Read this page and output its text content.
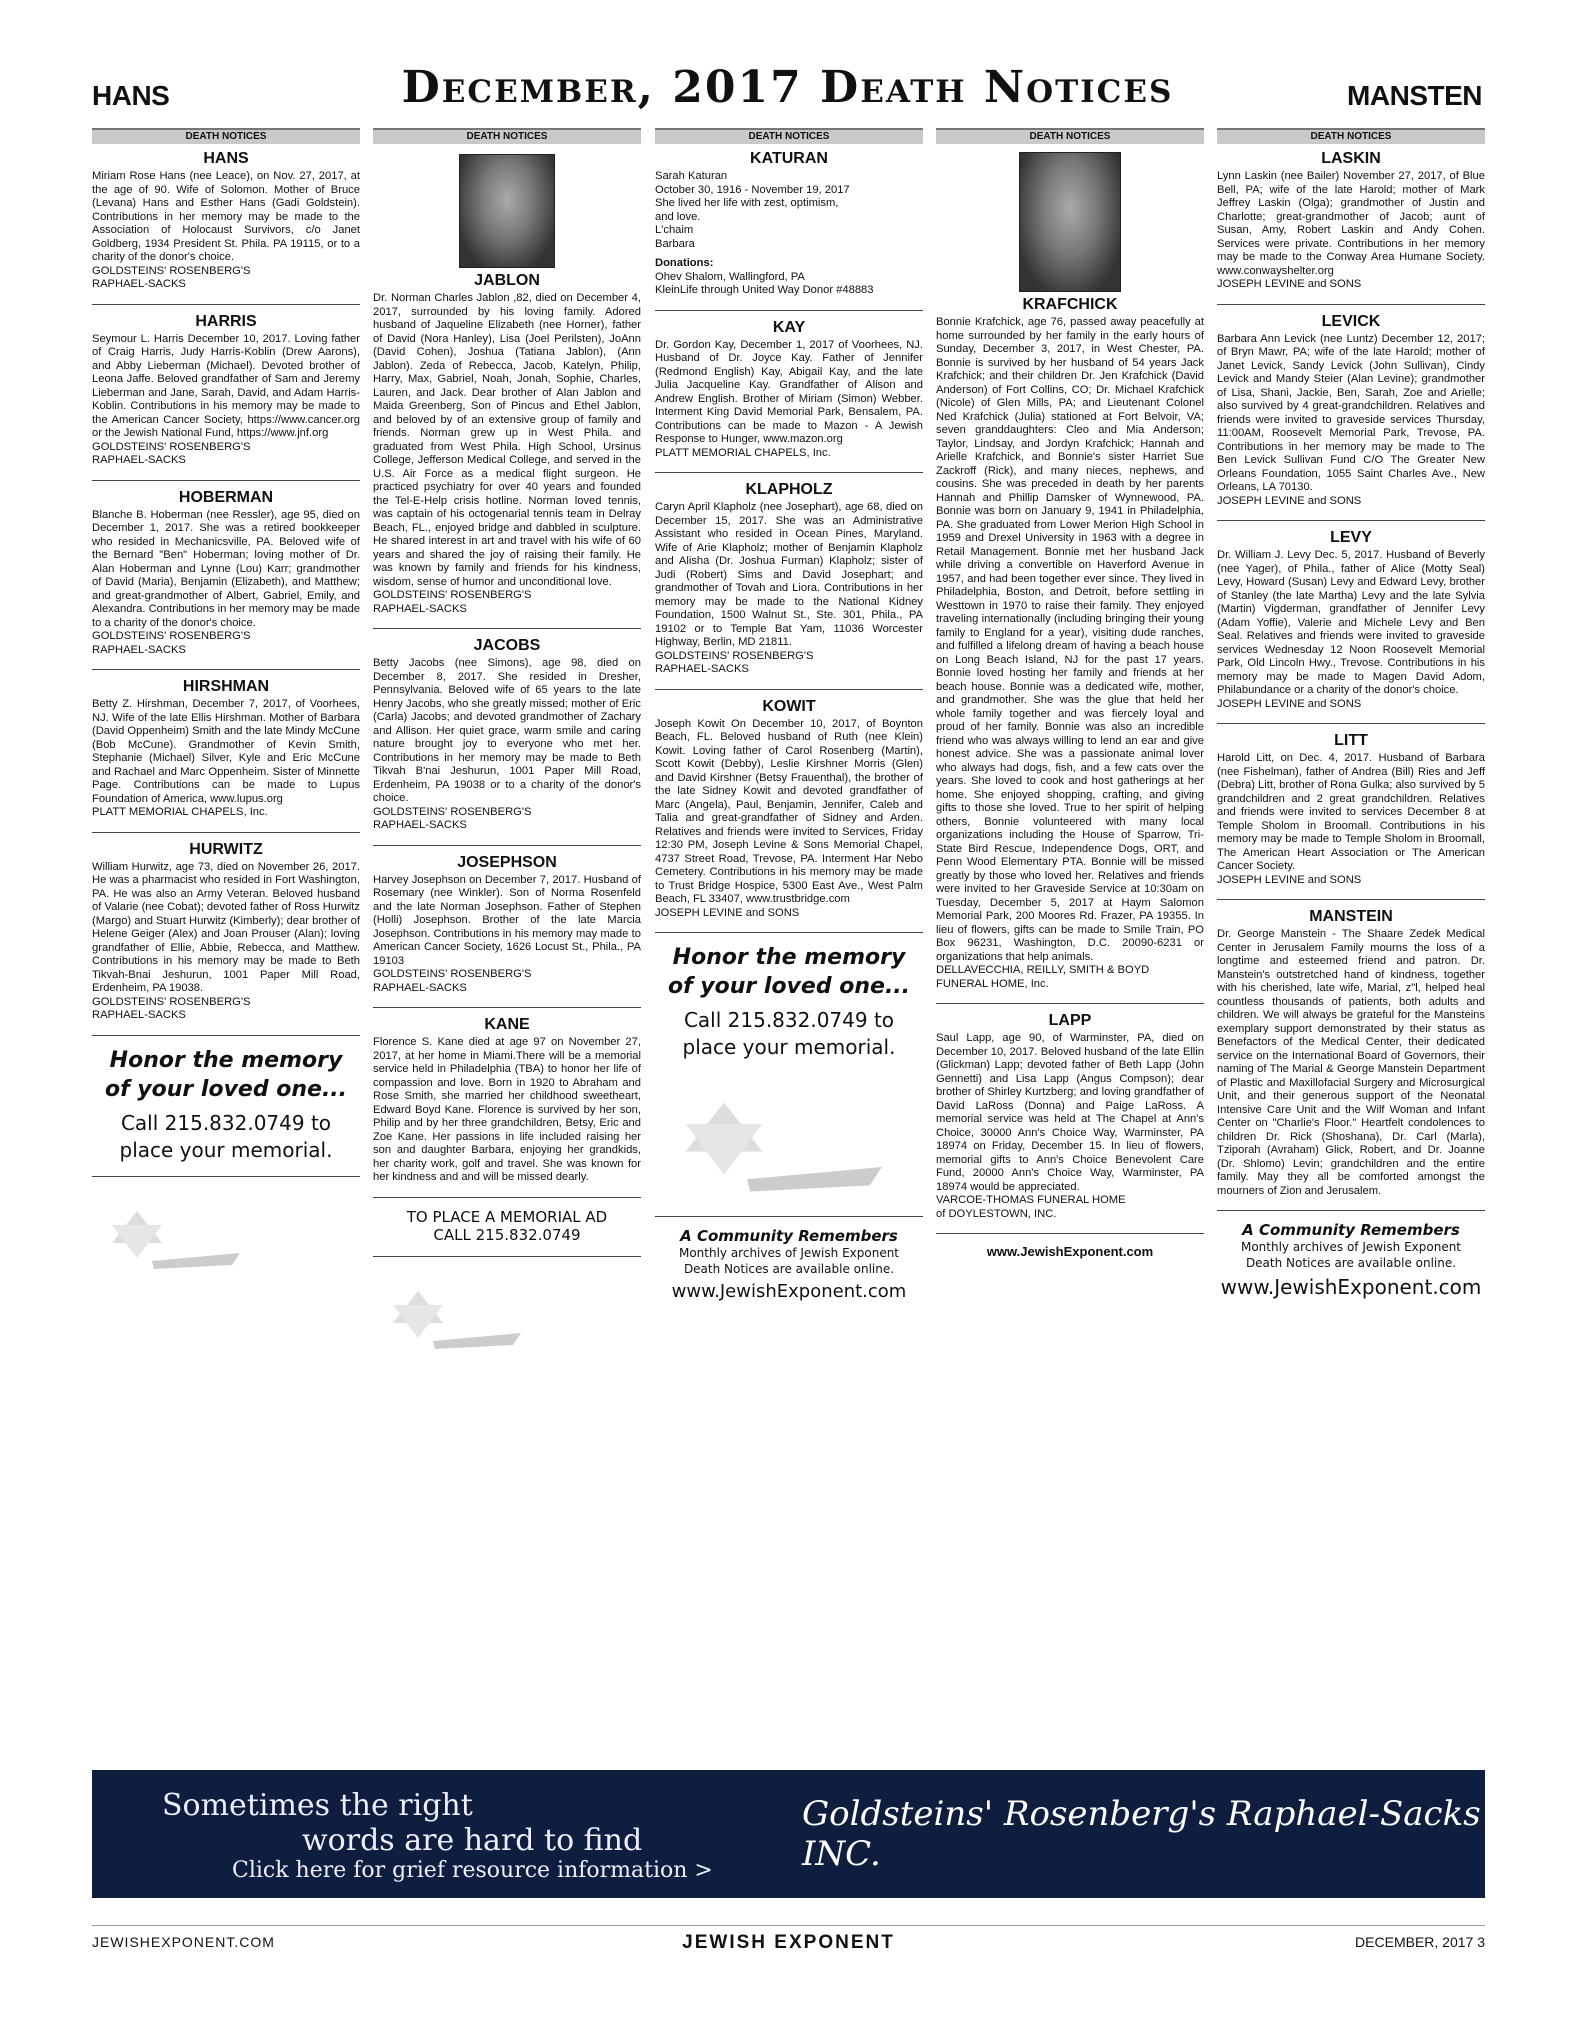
HANS	December, 2017 Death Notices	MANSTEN
DEATH NOTICES
HANS

Miriam Rose Hans (nee Leace), on Nov. 27, 2017, at the age of 90. Wife of Solomon. Mother of Bruce (Levana) Hans and Esther Hans (Gadi Goldstein). Contributions in her memory may be made to the Association of Holocaust Survivors, c/o Janet Goldberg, 1934 President St. Phila. PA 19115, or to a charity of the donor's choice.

GOLDSTEINS' ROSENBERG'S

RAPHAEL-SACKS

HARRIS

Seymour L. Harris December 10, 2017. Loving father of Craig Harris, Judy Harris-Koblin (Drew Aarons), and Abby Lieberman (Michael). Devoted brother of Leona Jaffe. Beloved grandfather of Sam and Jeremy Lieberman and Jane, Sarah, David, and Adam Harris-Koblin. Contributions in his memory may be made to the American Cancer Society, https://www.cancer.org or the Jewish National Fund, https://www.jnf.org

GOLDSTEINS' ROSENBERG'S

RAPHAEL-SACKS

HOBERMAN

Blanche B. Hoberman (nee Ressler), age 95, died on December 1, 2017. She was a retired bookkeeper who resided in Mechanicsville, PA. Beloved wife of the Bernard "Ben" Hoberman; loving mother of Dr. Alan Hoberman and Lynne (Lou) Karr; grandmother of David (Maria), Benjamin (Elizabeth), and Matthew; and great-grandmother of Albert, Gabriel, Emily, and Alexandra. Contributions in her memory may be made to a charity of the donor's choice.

GOLDSTEINS' ROSENBERG'S

RAPHAEL-SACKS

HIRSHMAN

Betty Z. Hirshman, December 7, 2017, of Voorhees, NJ. Wife of the late Ellis Hirshman. Mother of Barbara (David Oppenheim) Smith and the late Mindy McCune (Bob McCune). Grandmother of Kevin Smith, Stephanie (Michael) Silver, Kyle and Eric McCune and Rachael and Marc Oppenheim. Sister of Minnette Page. Contributions can be made to Lupus Foundation of America, www.lupus.org

PLATT MEMORIAL CHAPELS, Inc.

HURWITZ

William Hurwitz, age 73, died on November 26, 2017. He was a pharmacist who resided in Fort Washington, PA. He was also an Army Veteran. Beloved husband of Valarie (nee Cobat); devoted father of Ross Hurwitz (Margo) and Stuart Hurwitz (Kimberly); dear brother of Helene Geiger (Alex) and Joan Prouser (Alan); loving grandfather of Ellie, Abbie, Rebecca, and Matthew. Contributions in his memory may be made to Beth Tikvah-Bnai Jeshurun, 1001 Paper Mill Road, Erdenheim, PA 19038.

GOLDSTEINS' ROSENBERG'S

RAPHAEL-SACKS

Honor the memory
of your loved one...
Call 215.832.0749 to
place your memorial.
DEATH NOTICES
JABLON

Dr. Norman Charles Jablon ,82, died on December 4, 2017, surrounded by his loving family. Adored husband of Jaqueline Elizabeth (nee Horner), father of David (Nora Hanley), Lisa (Joel Perilsten), JoAnn (David Cohen), Joshua (Tatiana Jablon), (Ann Jablon). Zeda of Rebecca, Jacob, Katelyn, Philip, Harry, Max, Gabriel, Noah, Jonah, Sophie, Charles, Lauren, and Jack. Dear brother of Alan Jablon and Maida Greenberg, Son of Pincus and Ethel Jablon, and beloved by of an extensive group of family and friends. Norman grew up in West Phila. and graduated from West Phila. High School, Ursinus College, Jefferson Medical College, and served in the U.S. Air Force as a medical flight surgeon. He practiced psychiatry for over 40 years and founded the Tel-E-Help crisis hotline. Norman loved tennis, was captain of his octogenarial tennis team in Delray Beach, FL., enjoyed bridge and dabbled in sculpture. He shared interest in art and travel with his wife of 60 years and shared the joy of raising their family. He was known by family and friends for his kindness, wisdom, sense of humor and unconditional love.

GOLDSTEINS' ROSENBERG'S

RAPHAEL-SACKS

JACOBS

Betty Jacobs (nee Simons), age 98, died on December 8, 2017. She resided in Dresher, Pennsylvania. Beloved wife of 65 years to the late Henry Jacobs, who she greatly missed; mother of Eric (Carla) Jacobs; and devoted grandmother of Zachary and Allison. Her quiet grace, warm smile and caring nature brought joy to everyone who met her. Contributions in her memory may be made to Beth Tikvah B'nai Jeshurun, 1001 Paper Mill Road, Erdenheim, PA 19038 or to a charity of the donor's choice.

GOLDSTEINS' ROSENBERG'S

RAPHAEL-SACKS

JOSEPHSON

Harvey Josephson on December 7, 2017. Husband of Rosemary (nee Winkler). Son of Norma Rosenfeld and the late Norman Josephson. Father of Stephen (Holli) Josephson. Brother of the late Marcia Josephson. Contributions in his memory may made to American Cancer Society, 1626 Locust St., Phila., PA 19103

GOLDSTEINS' ROSENBERG'S

RAPHAEL-SACKS

KANE

Florence S. Kane died at age 97 on November 27, 2017, at her home in Miami.There will be a memorial service held in Philadelphia (TBA) to honor her life of compassion and love. Born in 1920 to Abraham and Rose Smith, she married her childhood sweetheart, Edward Boyd Kane. Florence is survived by her son, Philip and by her three grandchildren, Betsy, Eric and Zoe Kane. Her passions in life included raising her son and daughter Barbara, enjoying her grandkids, her charity work, golf and travel. She was known for her kindness and and will be missed dearly.

TO PLACE A MEMORIAL AD
CALL 215.832.0749
DEATH NOTICES
KATURAN

Sarah Katuran

October 30, 1916 - November 19, 2017

She lived her life with zest, optimism,

and love.

L'chaim

Barbara

Donations:

Ohev Shalom, Wallingford, PA

KleinLife through United Way Donor #48883

KAY

Dr. Gordon Kay, December 1, 2017 of Voorhees, NJ. Husband of Dr. Joyce Kay. Father of Jennifer (Redmond English) Kay, Abigail Kay, and the late Julia Jacqueline Kay. Grandfather of Alison and Andrew English. Brother of Miriam (Simon) Webber. Interment King David Memorial Park, Bensalem, PA. Contributions can be made to Mazon - A Jewish Response to Hunger, www.mazon.org

PLATT MEMORIAL CHAPELS, Inc.

KLAPHOLZ

Caryn April Klapholz (nee Josephart), age 68, died on December 15, 2017. She was an Administrative Assistant who resided in Ocean Pines, Maryland. Wife of Arie Klapholz; mother of Benjamin Klapholz and Alisha (Dr. Joshua Furman) Klapholz; sister of Judi (Robert) Sims and David Josephart; and grandmother of Tovah and Liora. Contributions in her memory may be made to the National Kidney Foundation, 1500 Walnut St., Ste. 301, Phila., PA 19102 or to Temple Bat Yam, 11036 Worcester Highway, Berlin, MD 21811.

GOLDSTEINS' ROSENBERG'S

RAPHAEL-SACKS

KOWIT

Joseph Kowit On December 10, 2017, of Boynton Beach, FL. Beloved husband of Ruth (nee Klein) Kowit. Loving father of Carol Rosenberg (Martin), Scott Kowit (Debby), Leslie Kirshner Morris (Glen) and David Kirshner (Betsy Frauenthal), the brother of the late Sidney Kowit and devoted grandfather of Marc (Angela), Paul, Benjamin, Jennifer, Caleb and Talia and great-grandfather of Sidney and Arden. Relatives and friends were invited to Services, Friday 12:30 PM, Joseph Levine & Sons Memorial Chapel, 4737 Street Road, Trevose, PA. Interment Har Nebo Cemetery. Contributions in his memory may be made to Trust Bridge Hospice, 5300 East Ave., West Palm Beach, FL 33407, www.trustbridge.com

JOSEPH LEVINE and SONS

Honor the memory
of your loved one...
Call 215.832.0749 to
place your memorial.
A Community Remembers
Monthly archives of Jewish Exponent
Death Notices are available online.
www.JewishExponent.com
DEATH NOTICES
KRAFCHICK

Bonnie Krafchick, age 76, passed away peacefully at home surrounded by her family in the early hours of Sunday, December 3, 2017, in West Chester, PA. Bonnie is survived by her husband of 54 years Jack Krafchick; and their children Dr. Jen Krafchick (David Anderson) of Fort Collins, CO; Dr. Michael Krafchick (Nicole) of Glen Mills, PA; and Lieutenant Colonel Ned Krafchick (Julia) stationed at Fort Belvoir, VA; seven granddaughters: Cleo and Mia Anderson; Taylor, Lindsay, and Jordyn Krafchick; Hannah and Arielle Krafchick, and Bonnie's sister Harriet Sue Zackroff (Rick), and many nieces, nephews, and cousins. She was preceded in death by her parents Hannah and Phillip Damsker of Wynnewood, PA. Bonnie was born on January 9, 1941 in Philadelphia, PA. She graduated from Lower Merion High School in 1959 and Drexel University in 1963 with a degree in Retail Management. Bonnie met her husband Jack while driving a convertible on Haverford Avenue in 1957, and had been together ever since. They lived in Philadelphia, Boston, and Detroit, before settling in Westtown in 1970 to raise their family. They enjoyed traveling internationally (including bringing their young family to England for a year), visiting dude ranches, and fulfilled a lifelong dream of having a beach house on Long Beach Island, NJ for the past 17 years. Bonnie loved hosting her family and friends at her beach house. Bonnie was a dedicated wife, mother, and grandmother. She was the glue that held her whole family together and was fiercely loyal and proud of her family. Bonnie was also an incredible friend who was always willing to lend an ear and give honest advice. She was a passionate animal lover who always had dogs, fish, and a few cats over the years. She loved to cook and host gatherings at her home. She enjoyed shopping, crafting, and giving gifts to those she loved. True to her spirit of helping others, Bonnie volunteered with many local organizations including the House of Sparrow, Tri-State Bird Rescue, Independence Dogs, ORT, and Penn Wood Elementary PTA. Bonnie will be missed greatly by those who loved her. Relatives and friends were invited to her Graveside Service at 10:30am on Tuesday, December 5, 2017 at Haym Salomon Memorial Park, 200 Moores Rd. Frazer, PA 19355. In lieu of flowers, gifts can be made to Smile Train, PO Box 96231, Washington, D.C. 20090-6231 or organizations that help animals.

DELLAVECCHIA, REILLY, SMITH & BOYD

FUNERAL HOME, Inc.

LAPP

Saul Lapp, age 90, of Warminster, PA, died on December 10, 2017. Beloved husband of the late Ellin (Glickman) Lapp; devoted father of Beth Lapp (John Gennetti) and Lisa Lapp (Angus Compson); dear brother of Shirley Kurtzberg; and loving grandfather of David LaRoss (Donna) and Paige LaRoss. A memorial service was held at The Chapel at Ann's Choice, 30000 Ann's Choice Way, Warminster, PA 18974 on Friday, December 15. In lieu of flowers, memorial gifts to Ann's Choice Benevolent Care Fund, 20000 Ann's Choice Way, Warminster, PA 18974 would be appreciated.

VARCOE-THOMAS FUNERAL HOME

of DOYLESTOWN, INC.

www.JewishExponent.com
DEATH NOTICES
LASKIN

Lynn Laskin (nee Bailer) November 27, 2017, of Blue Bell, PA; wife of the late Harold; mother of Mark Jeffrey Laskin (Olga); grandmother of Justin and Charlotte; great-grandmother of Jacob; aunt of Susan, Amy, Robert Laskin and Andy Cohen. Services were private. Contributions in her memory may be made to the Conway Area Humane Society. www.conwayshelter.org

JOSEPH LEVINE and SONS

LEVICK

Barbara Ann Levick (nee Luntz) December 12, 2017; of Bryn Mawr, PA; wife of the late Harold; mother of Janet Levick, Sandy Levick (John Sullivan), Cindy Levick and Mandy Steier (Alan Levine); grandmother of Lisa, Shani, Jackie, Ben, Sarah, Zoe and Arielle; also survived by 4 great-grandchildren. Relatives and friends were invited to graveside services Thursday, 11:00AM, Roosevelt Memorial Park, Trevose, PA. Contributions in her memory may be made to The Ben Levick Sullivan Fund C/O The Greater New Orleans Foundation, 1055 Saint Charles Ave., New Orleans, LA 70130.

JOSEPH LEVINE and SONS

LEVY

Dr. William J. Levy Dec. 5, 2017. Husband of Beverly (nee Yager), of Phila., father of Alice (Motty Seal) Levy, Howard (Susan) Levy and Edward Levy, brother of Stanley (the late Martha) Levy and the late Sylvia (Martin) Vigderman, grandfather of Jennifer Levy (Adam Yoffie), Valerie and Michele Levy and Ben Seal. Relatives and friends were invited to graveside services Wednesday 12 Noon Roosevelt Memorial Park, Old Lincoln Hwy., Trevose. Contributions in his memory may be made to Magen David Adom, Philabundance or a charity of the donor's choice.

JOSEPH LEVINE and SONS

LITT

Harold Litt, on Dec. 4, 2017. Husband of Barbara (nee Fishelman), father of Andrea (Bill) Ries and Jeff (Debra) Litt, brother of Rona Gulka; also survived by 5 grandchildren and 2 great grandchildren. Relatives and friends were invited to services December 8 at Temple Sholom in Broomall. Contributions in his memory may be made to Temple Sholom in Broomall, The American Heart Association or The American Cancer Society.

JOSEPH LEVINE and SONS

MANSTEIN

Dr. George Manstein - The Shaare Zedek Medical Center in Jerusalem Family mourns the loss of a longtime and esteemed friend and patron. Dr. Manstein's outstretched hand of kindness, together with his cherished, late wife, Marial, z"l, helped heal countless thousands of patients, both adults and children. We will always be grateful for the Mansteins exemplary support demonstrated by their status as Benefactors of the Medical Center, their dedicated service on the International Board of Governors, their naming of The Marial & George Manstein Department of Plastic and Maxillofacial Surgery and Microsurgical Unit, and their generous support of the Neonatal Intensive Care Unit and the Wilf Woman and Infant Center on "Charlie's Floor." Heartfelt condolences to children Dr. Rick (Shoshana), Dr. Carl (Marla), Tziporah (Avraham) Glick, Robert, and Dr. Joanne (Dr. Shlomo) Levin; grandchildren and the entire family. May they all be comforted amongst the mourners of Zion and Jerusalem.

A Community Remembers
Monthly archives of Jewish Exponent
Death Notices are available online.
www.JewishExponent.com
Sometimes the right
words are hard to find
Click here for grief resource information >
Goldsteins' Rosenberg's Raphael-Sacks INC.
JEWISHEXPONENT.COM	JEWISH EXPONENT	DECEMBER, 2017 3
